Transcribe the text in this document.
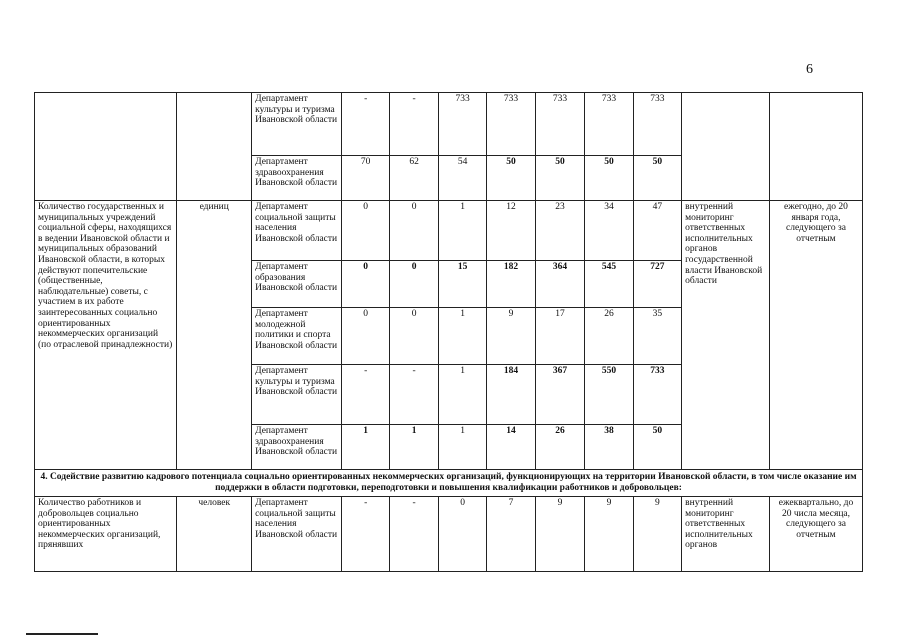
6
		Департамент культуры и туризма Ивановской области	-	-	733	733	733	733	733		
		Департамент здравоохранения Ивановской области	70	62	54	50	50	50	50		
Количество государственных и муниципальных учреждений социальной сферы, находящихся в ведении Ивановской области и муниципальных образований Ивановской области, в которых действуют попечительские (общественные, наблюдательные) советы, с участием в их работе заинтересованных социально ориентированных некоммерческих организаций (по отраслевой принадлежности)	единиц	Департамент социальной защиты населения Ивановской области	0	0	1	12	23	34	47	внутренний мониторинг ответственных исполнительных органов государственной власти Ивановской области	ежегодно, до 20 января года, следующего за отчетным
		Департамент образования Ивановской области	0	0	15	182	364	545	727		
		Департамент молодежной политики и спорта Ивановской области	0	0	1	9	17	26	35		
		Департамент культуры и туризма Ивановской области	-	-	1	184	367	550	733		
		Департамент здравоохранения Ивановской области	1	1	1	14	26	38	50		
4. Содействие развитию кадрового потенциала социально ориентированных некоммерческих организаций, функционирующих на территории Ивановской области, в том числе оказание им поддержки в области подготовки, переподготовки и повышения квалификации работников и добровольцев:											
Количество работников и добровольцев социально ориентированных некоммерческих организаций, прянявших	человек	Департамент социальной защиты населения Ивановской области	-	-	0	7	9	9	9	внутренний мониторинг ответственных исполнительных органов	ежеквартально, до 20 числа месяца, следующего за отчетным
